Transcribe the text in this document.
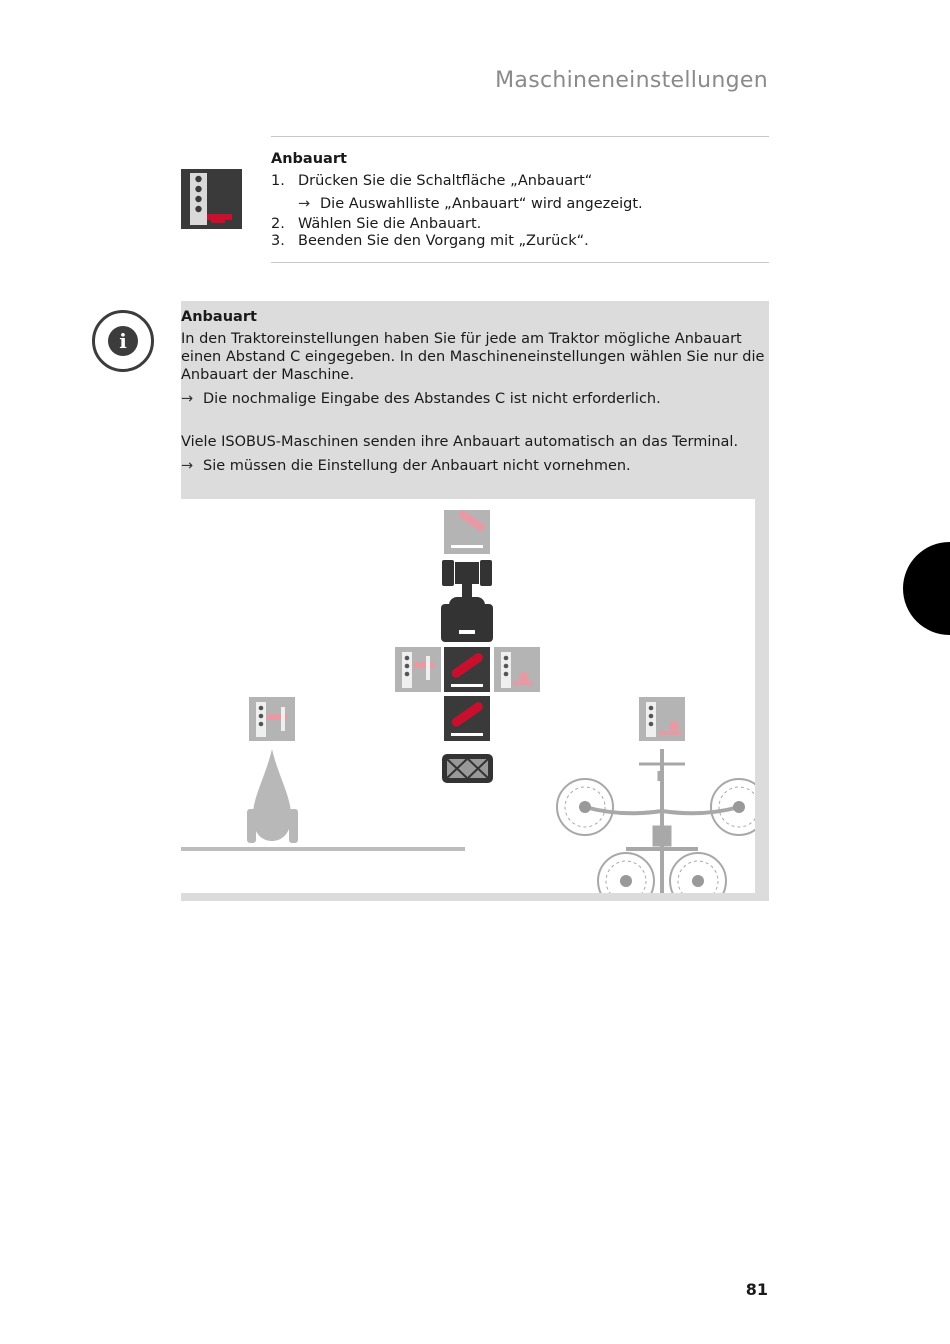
Maschineneinstellungen
Anbauart
1. Drücken Sie die Schaltfläche „Anbauart“
→ Die Auswahlliste „Anbauart“ wird angezeigt.
2. Wählen Sie die Anbauart.
3. Beenden Sie den Vorgang mit „Zurück“.
i
Anbauart
In den Traktoreinstellungen haben Sie für jede am Traktor mögliche Anbauart einen Abstand C eingegeben. In den Maschineneinstellungen wählen Sie nur die Anbauart der Maschine.
→ Die nochmalige Eingabe des Abstandes C ist nicht erforderlich.
Viele ISOBUS-Maschinen senden ihre Anbauart automatisch an das Terminal.
→ Sie müssen die Einstellung der Anbauart nicht vornehmen.
81
